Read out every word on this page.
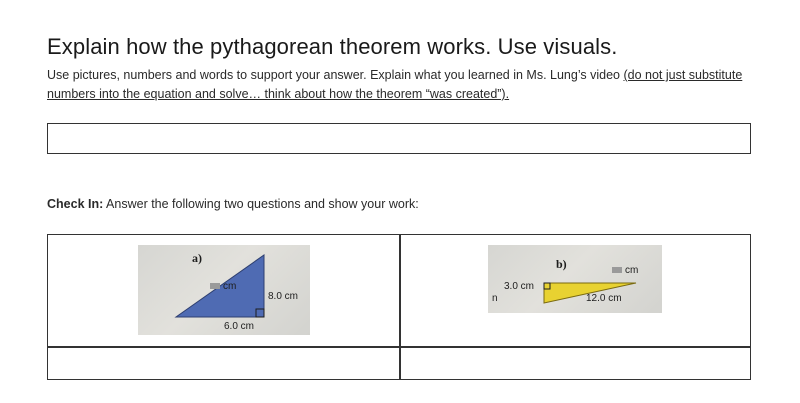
Explain how the pythagorean theorem works. Use visuals.
Use pictures, numbers and words to support your answer. Explain what you learned in Ms. Lung’s video (do not just substitute numbers into the equation and solve… think about how the theorem “was created”).
Check In: Answer the following two questions and show your work:
a)
cm
8.0 cm
6.0 cm
b)	cm
3.0 cm
12.0 cm
n
